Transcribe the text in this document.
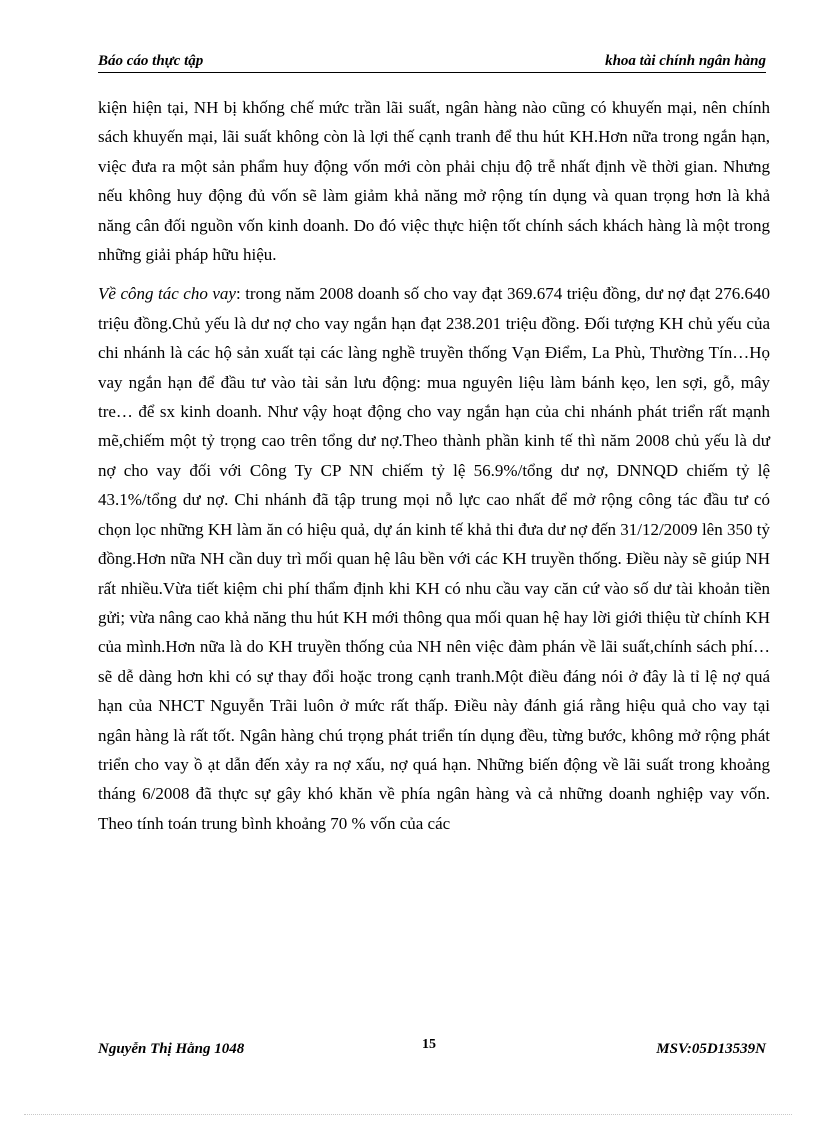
Báo cáo thực tập	khoa tài chính ngân hàng

kiện hiện tại, NH bị khống chế mức trần lãi suất, ngân hàng nào cũng có khuyến mại, nên chính sách khuyến mại, lãi suất không còn là lợi thế cạnh tranh để thu hút KH.Hơn nữa trong ngắn hạn, việc đưa ra một sản phẩm huy động vốn mới còn phải chịu độ trễ nhất định về thời gian. Nhưng nếu không huy động đủ vốn sẽ làm giảm khả năng mở rộng tín dụng và quan trọng hơn là khả năng cân đối nguồn vốn kinh doanh. Do đó việc thực hiện tốt chính sách khách hàng là một trong những giải pháp hữu hiệu.

Về công tác cho vay: trong năm 2008 doanh số cho vay đạt 369.674 triệu đồng, dư nợ đạt 276.640 triệu đồng.Chủ yếu là dư nợ cho vay ngắn hạn đạt 238.201 triệu đồng. Đối tượng KH chủ yếu của chi nhánh là các hộ sản xuất tại các làng nghề truyền thống Vạn Điểm, La Phù, Thường Tín…Họ vay ngắn hạn để đầu tư vào tài sản lưu động: mua nguyên liệu làm bánh kẹo, len sợi, gỗ, mây tre… để sx kinh doanh. Như vậy hoạt động cho vay ngắn hạn của chi nhánh phát triển rất mạnh mẽ,chiếm một tỷ trọng cao trên tổng dư nợ.Theo thành phần kinh tế thì năm 2008 chủ yếu là dư nợ cho vay đối với Công Ty CP NN chiếm tỷ lệ 56.9%/tổng dư nợ, DNNQD chiếm tỷ lệ 43.1%/tổng dư nợ. Chi nhánh đã tập trung mọi nỗ lực cao nhất để mở rộng công tác đầu tư có chọn lọc những KH làm ăn có hiệu quả, dự án kinh tế khả thi đưa dư nợ đến 31/12/2009 lên 350 tỷ đồng.Hơn nữa NH cần duy trì mối quan hệ lâu bền với các KH truyền thống. Điều này sẽ giúp NH rất nhiều.Vừa tiết kiệm chi phí thẩm định khi KH có nhu cầu vay căn cứ vào số dư tài khoản tiền gửi; vừa nâng cao khả năng thu hút KH mới thông qua mối quan hệ hay lời giới thiệu từ chính KH của mình.Hơn nữa là do KH truyền thống của NH nên việc đàm phán về lãi suất,chính sách phí…sẽ dễ dàng hơn khi có sự thay đổi hoặc trong cạnh tranh.Một điều đáng nói ở đây là tỉ lệ nợ quá hạn của NHCT Nguyễn Trãi luôn ở mức rất thấp. Điều này đánh giá rằng hiệu quả cho vay tại ngân hàng là rất tốt. Ngân hàng chú trọng phát triển tín dụng đều, từng bước, không mở rộng phát triển cho vay ồ ạt dẫn đến xảy ra nợ xấu, nợ quá hạn. Những biến động về lãi suất trong khoảng tháng 6/2008 đã thực sự gây khó khăn về phía ngân hàng và cả những doanh nghiệp vay vốn. Theo tính toán trung bình khoảng 70 % vốn của các

Nguyễn Thị Hằng 1048	15	MSV:05D13539N
